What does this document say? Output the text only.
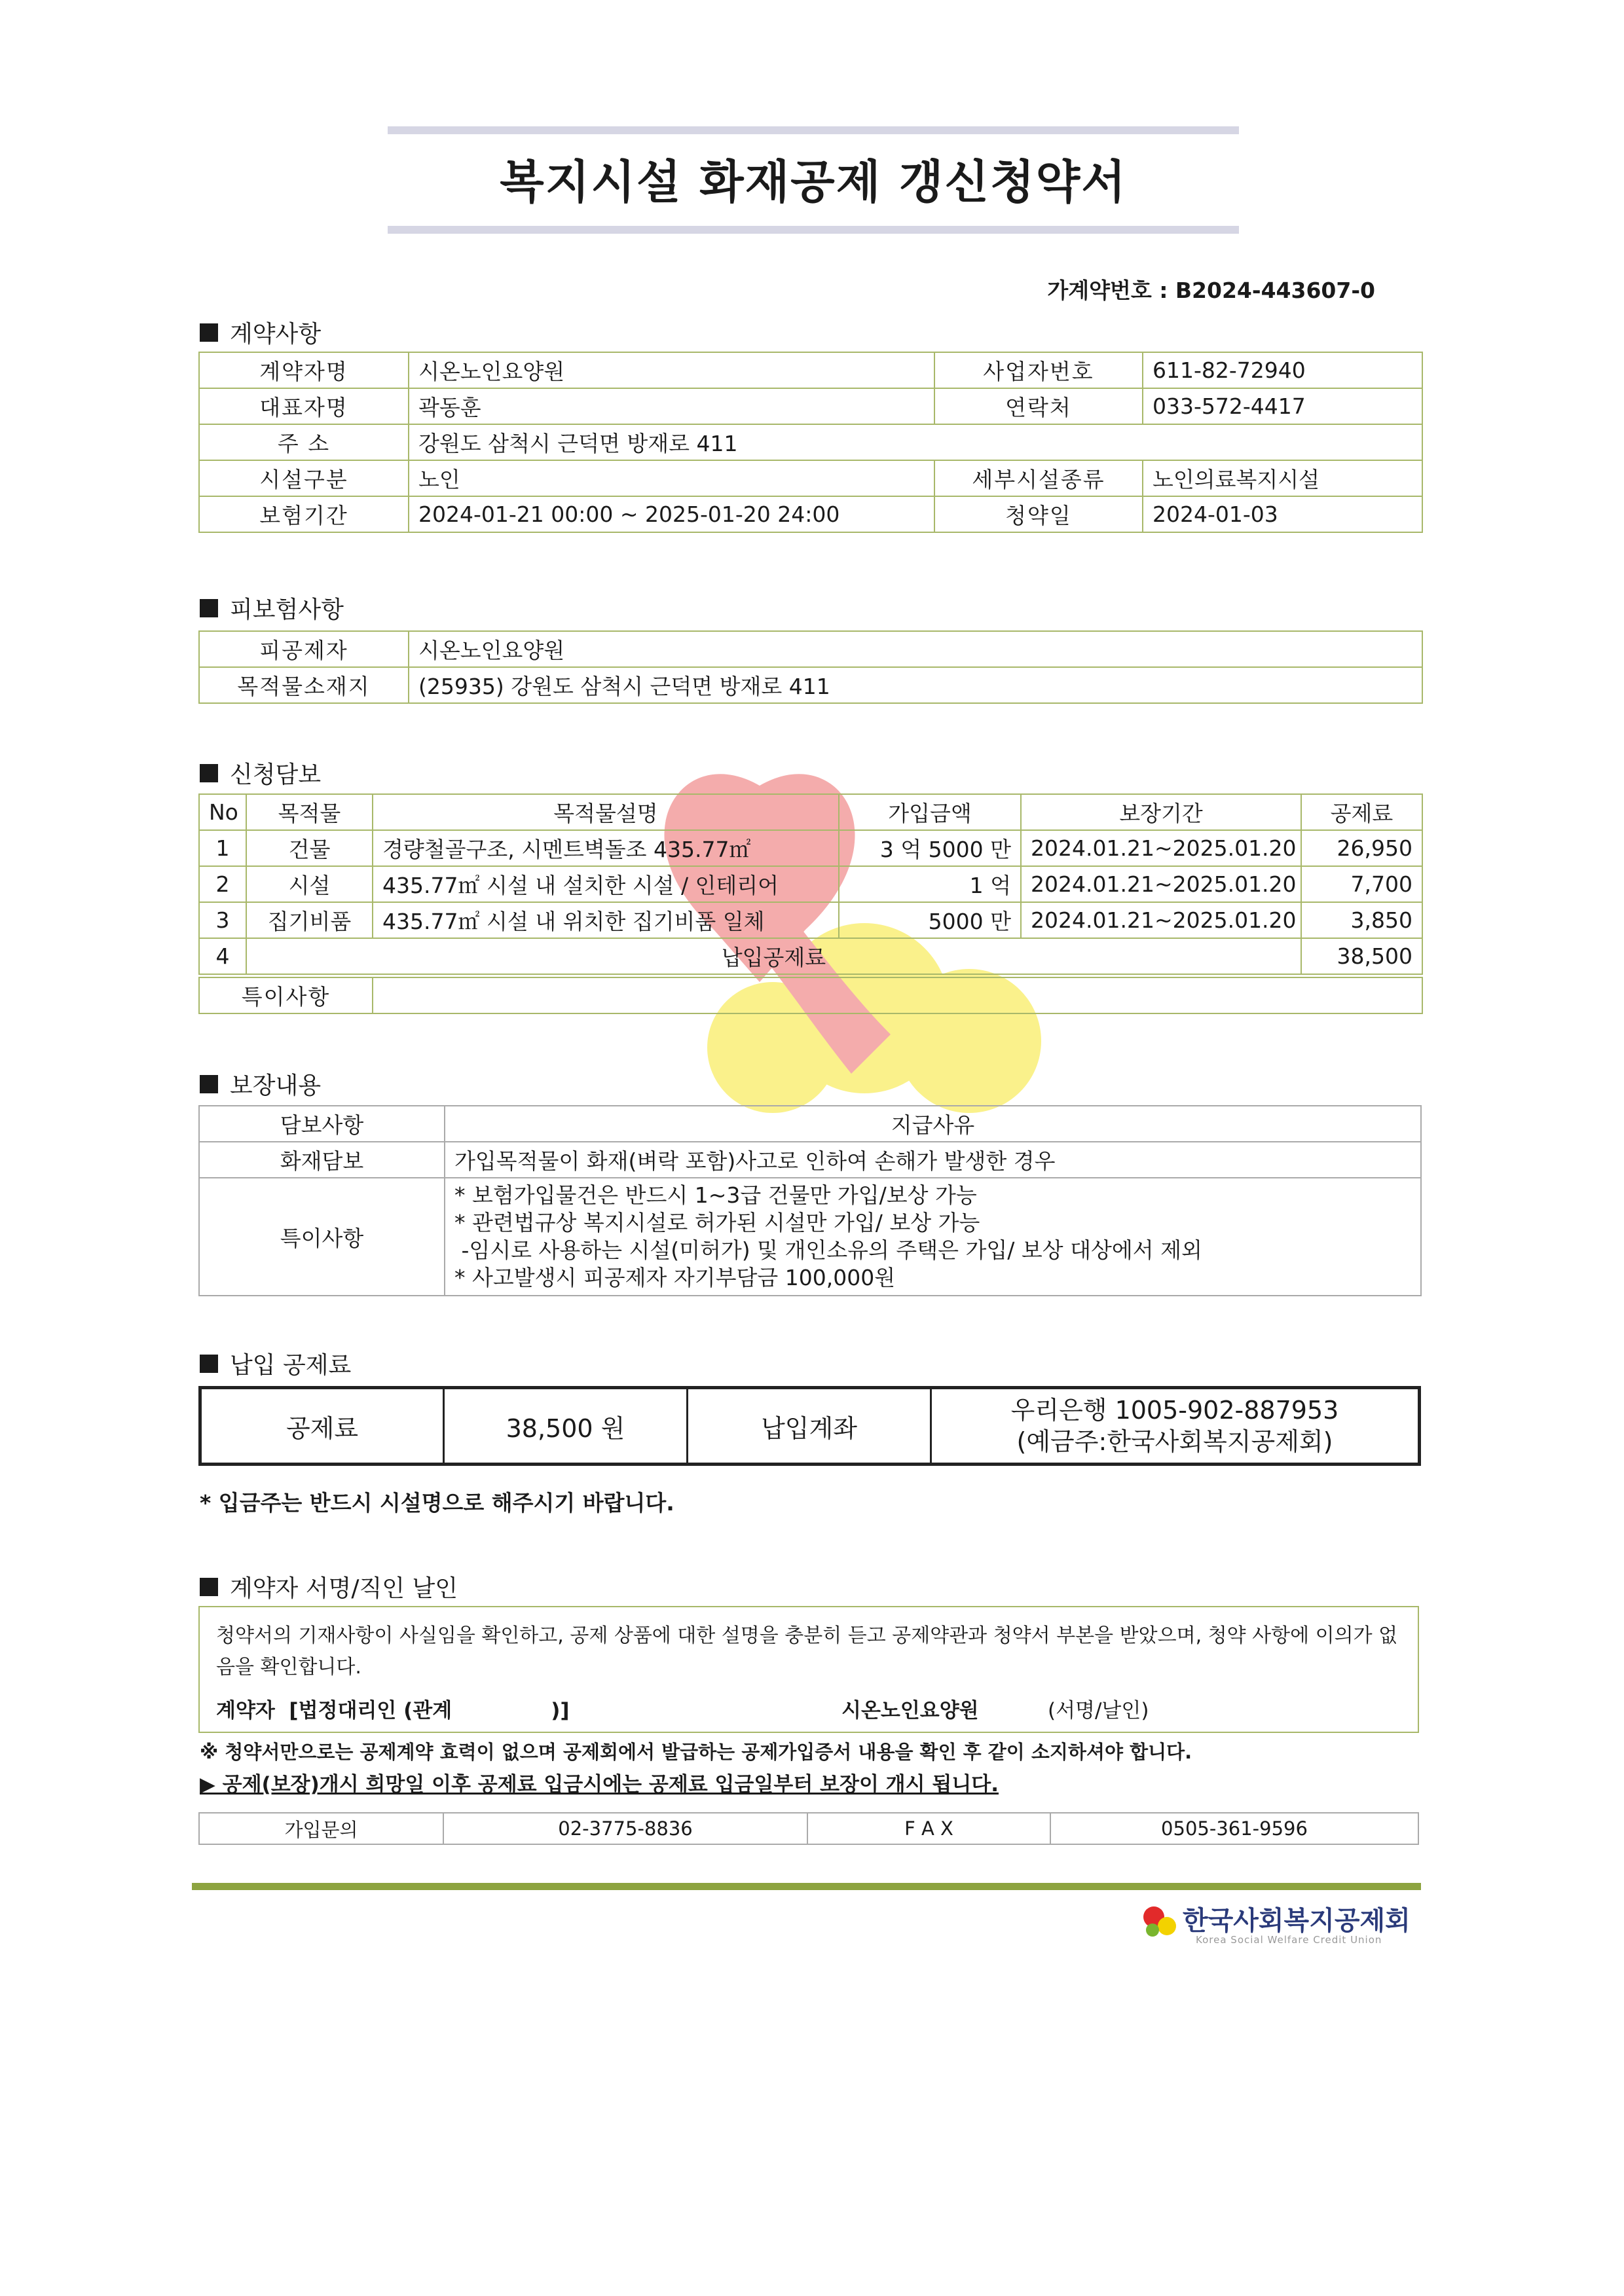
복지시설 화재공제 갱신청약서
가계약번호 : B2024-443607-0
계약사항
계약자명	시온노인요양원	사업자번호	611-82-72940
대표자명	곽동훈	연락처	033-572-4417
주 소	강원도 삼척시 근덕면 방재로 411		
시설구분	노인	세부시설종류	노인의료복지시설
보험기간	2024-01-21 00:00 ~ 2025-01-20 24:00	청약일	2024-01-03
피보험사항
피공제자	시온노인요양원
목적물소재지	(25935) 강원도 삼척시 근덕면 방재로 411
신청담보
No	목적물	목적물설명	가입금액	보장기간	공제료
1	건물	경량철골구조, 시멘트벽돌조 435.77㎡	3 억 5000 만	2024.01.21~2025.01.20	26,950
2	시설	435.77㎡ 시설 내 설치한 시설 / 인테리어	1 억	2024.01.21~2025.01.20	7,700
3	집기비품	435.77㎡ 시설 내 위치한 집기비품 일체	5000 만	2024.01.21~2025.01.20	3,850
4	납입공제료				38,500
특이사항	
보장내용
담보사항	지급사유
화재담보	가입목적물이 화재(벼락 포함)사고로 인하여 손해가 발생한 경우
특이사항	* 보험가입물건은 반드시 1~3급 건물만 가입/보상 가능
* 관련법규상 복지시설로 허가된 시설만 가입/ 보상 가능
-임시로 사용하는 시설(미허가) 및 개인소유의 주택은 가입/ 보상 대상에서 제외
* 사고발생시 피공제자 자기부담금 100,000원
납입 공제료
공제료	38,500 원	납입계좌	
우리은행 1005-902-887953
(예금주:한국사회복지공제회)
* 입금주는 반드시 시설명으로 해주시기 바랍니다.
계약자 서명/직인 날인
청약서의 기재사항이 사실임을 확인하고, 공제 상품에 대한 설명을 충분히 듣고 공제약관과 청약서 부본을 받았으며, 청약 사항에 이의가 없음을 확인합니다.
계약자  [법정대리인 (관계              )]	시온노인요양원	(서명/날인)
※ 청약서만으로는 공제계약 효력이 없으며 공제회에서 발급하는 공제가입증서 내용을 확인 후 같이 소지하셔야 합니다.
▶ 공제(보장)개시 희망일 이후 공제료 입금시에는 공제료 입금일부터 보장이 개시 됩니다.
가입문의	02-3775-8836	F A X	0505-361-9596
한국사회복지공제회
Korea Social Welfare Credit Union
